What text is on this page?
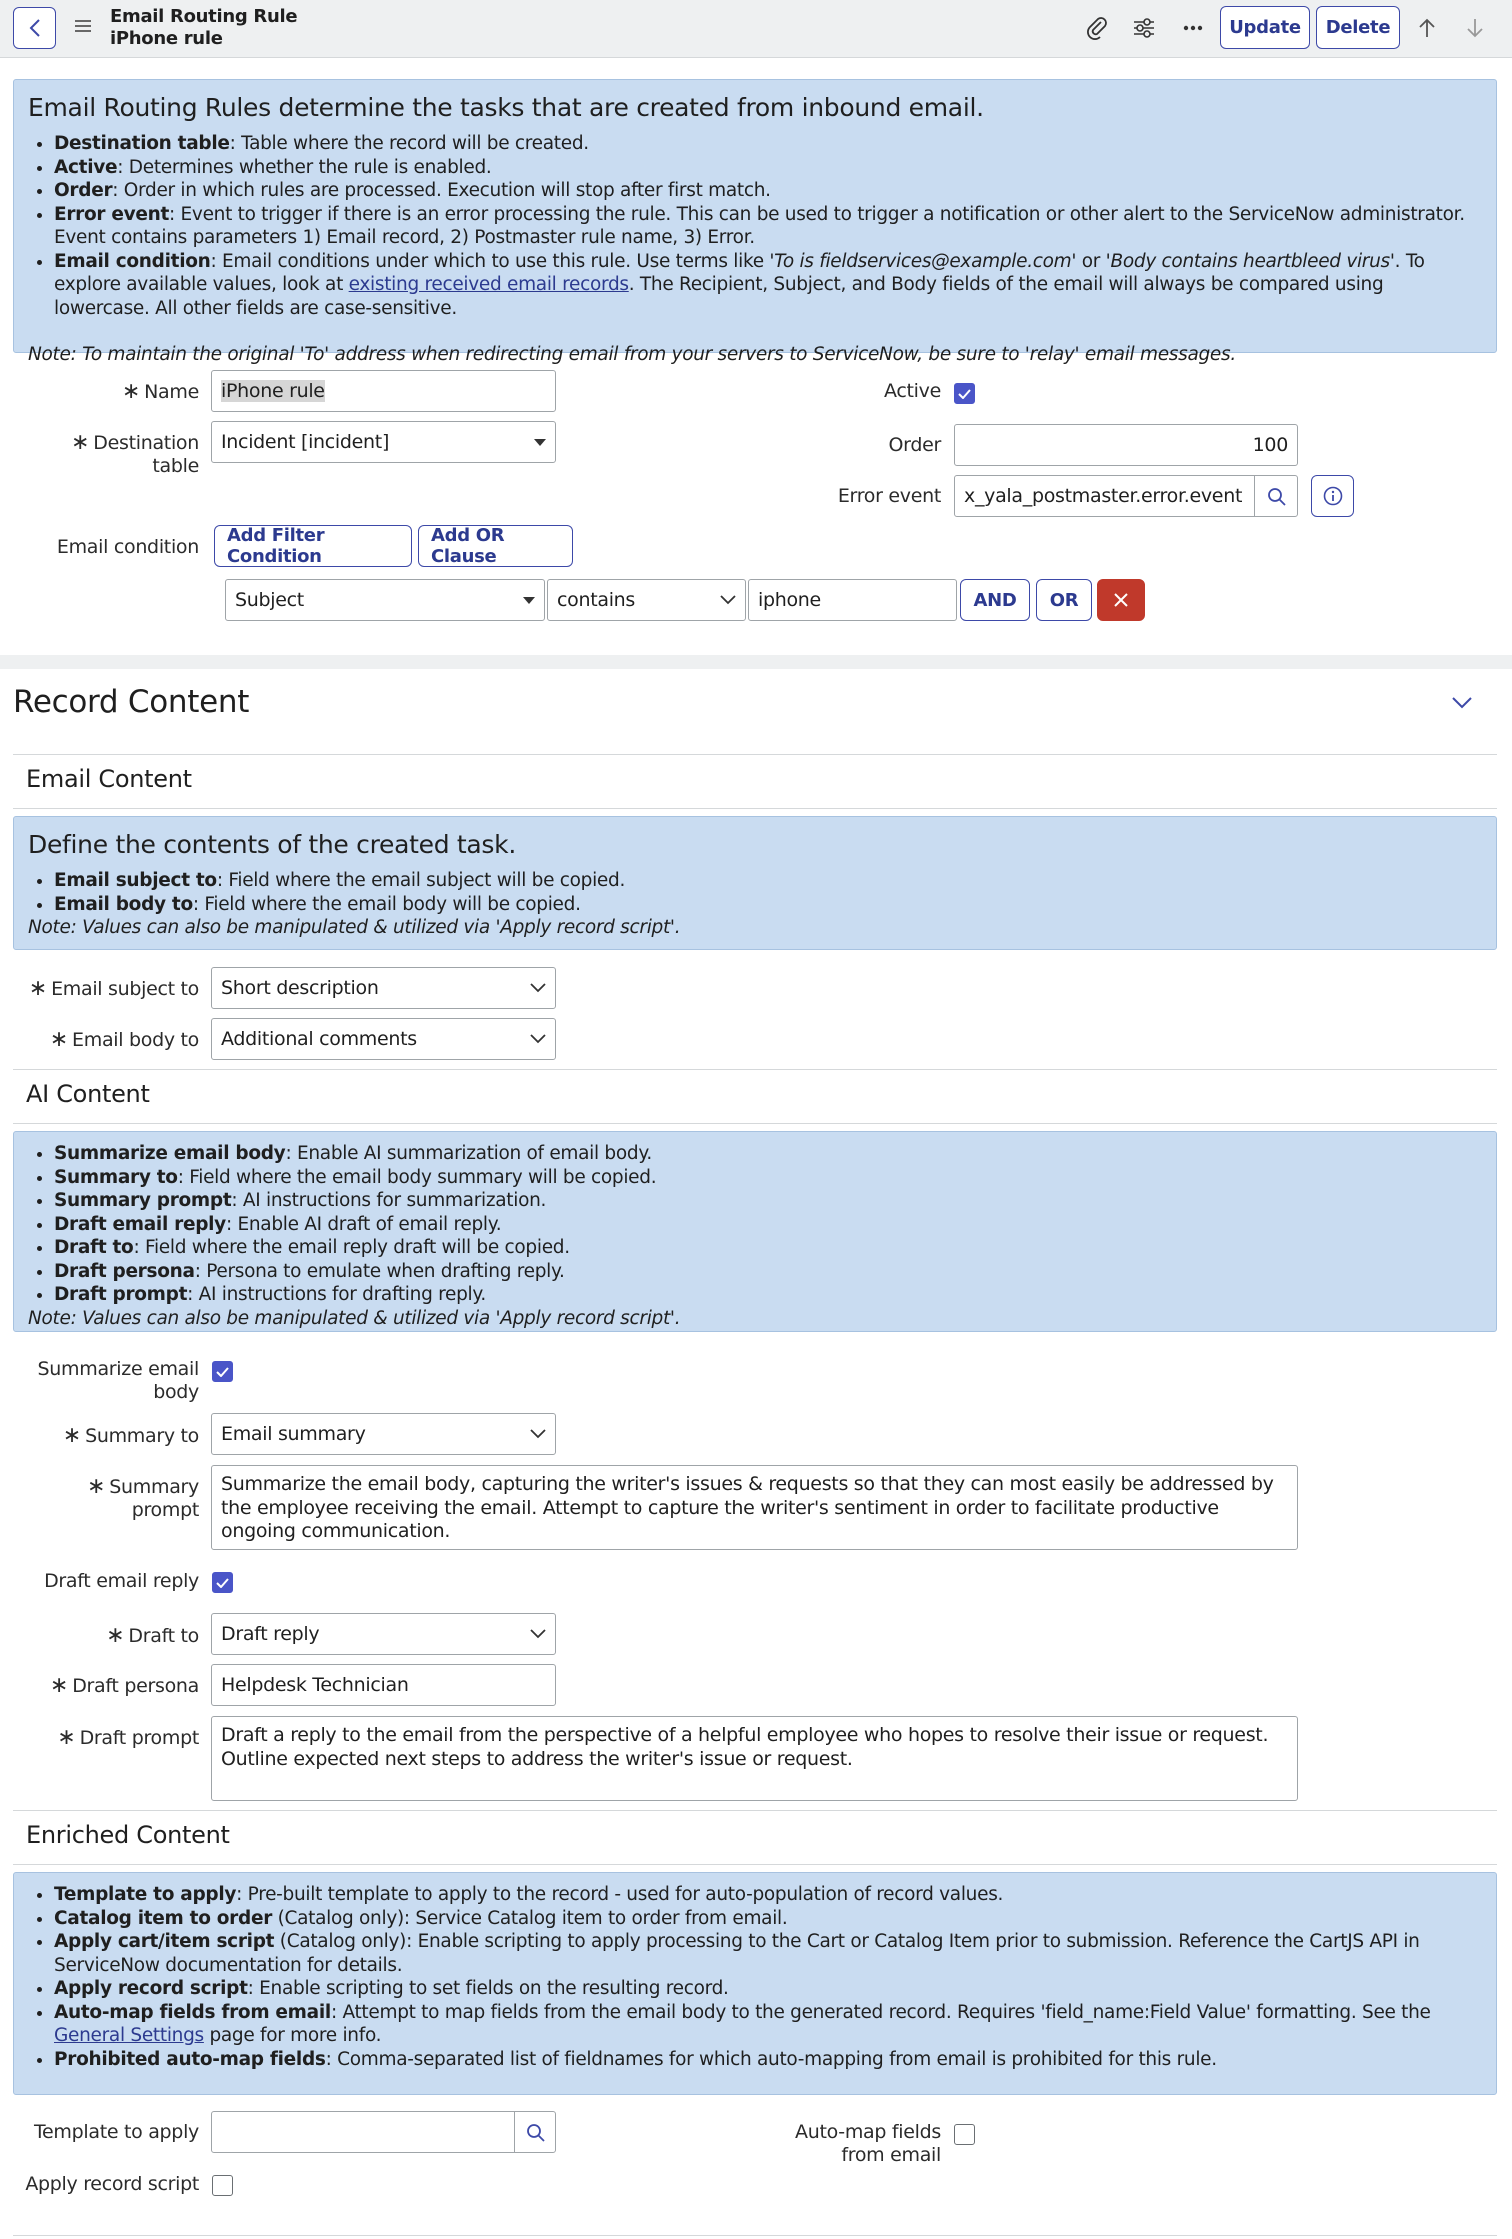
Email Routing Rule
iPhone rule
Update	Delete
Email Routing Rules determine the tasks that are created from inbound email.
• Destination table: Table where the record will be created.
• Active: Determines whether the rule is enabled.
• Order: Order in which rules are processed. Execution will stop after first match.
• Error event: Event to trigger if there is an error processing the rule. This can be used to trigger a notification or other alert to the ServiceNow administrator. Event contains parameters 1) Email record, 2) Postmaster rule name, 3) Error.
• Email condition: Email conditions under which to use this rule. Use terms like 'To is fieldservices@example.com' or 'Body contains heartbleed virus'. To explore available values, look at existing received email records. The Recipient, Subject, and Body fields of the email will always be compared using lowercase. All other fields are case-sensitive.
Note: To maintain the original 'To' address when redirecting email from your servers to ServiceNow, be sure to 'relay' email messages.
∗ Name iPhone rule
∗ Destination table
Incident [incident]
Active
Order	100
Error event	x_yala_postmaster.error.event
Email condition
Add Filter Condition
Add OR Clause
Subject	contains	iphone	AND	OR
Record Content
Email Content
Define the contents of the created task.
• Email subject to: Field where the email subject will be copied.
• Email body to: Field where the email body will be copied.
Note: Values can also be manipulated & utilized via 'Apply record script'.
∗ Email subject to Short description
∗ Email body to Additional comments
AI Content
• Summarize email body: Enable AI summarization of email body.
• Summary to: Field where the email body summary will be copied.
• Summary prompt: AI instructions for summarization.
• Draft email reply: Enable AI draft of email reply.
• Draft to: Field where the email reply draft will be copied.
• Draft persona: Persona to emulate when drafting reply.
• Draft prompt: AI instructions for drafting reply.
Note: Values can also be manipulated & utilized via 'Apply record script'.
Summarize email
body
∗ Summary to Email summary
∗ Summary prompt
Summarize the email body, capturing the writer's issues & requests so that they can most easily be addressed by the employee receiving the email. Attempt to capture the writer's sentiment in order to facilitate productive ongoing communication.
Draft email reply
∗ Draft to Draft reply
∗ Draft persona	Helpdesk Technician
∗ Draft prompt	Draft a reply to the email from the perspective of a helpful employee who hopes to resolve their issue or request. Outline expected next steps to address the writer's issue or request.
Enriched Content
• Template to apply: Pre-built template to apply to the record - used for auto-population of record values.
• Catalog item to order (Catalog only): Service Catalog item to order from email.
• Apply cart/item script (Catalog only): Enable scripting to apply processing to the Cart or Catalog Item prior to submission. Reference the CartJS API in ServiceNow documentation for details.
• Apply record script: Enable scripting to set fields on the resulting record.
• Auto-map fields from email: Attempt to map fields from the email body to the generated record. Requires 'field_name:Field Value' formatting. See the General Settings page for more info.
• Prohibited auto-map fields: Comma-separated list of fieldnames for which auto-mapping from email is prohibited for this rule.
Template to apply
Apply record script
Auto-map fields
from email
